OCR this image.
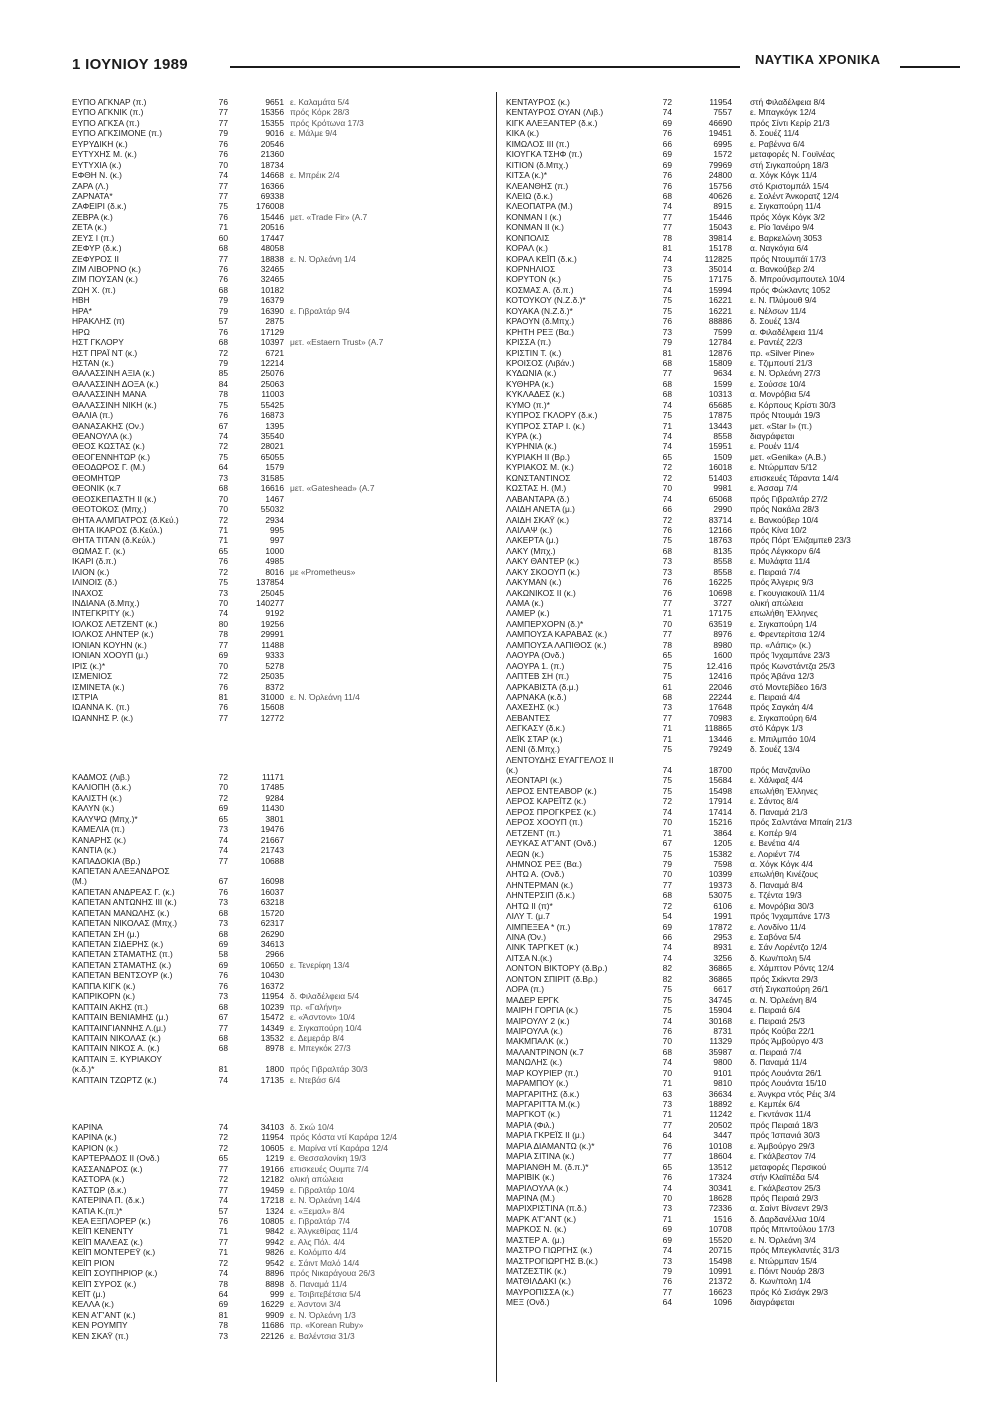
1 ΙΟΥΝΙΟΥ 1989	ΝΑΥΤΙΚΑ ΧΡΟΝΙΚΑ
ΕΥΠΟ ΑΓΚΝΑΡ (π.)	76	9651 ε. Καλαμάτα 5/4
ΕΥΠΟ ΑΓΚΝΙΚ (π.)	77	15356 πρός Κόρκ 28/3
ΕΥΠΟ ΑΓΚΣΑ (π.)	77	15355 πρός Κρότωνα 17/3
ΕΥΠΟ ΑΓΚΣΙΜΟΝΕ (π.)	79	9016 ε. Μάλμε 9/4
ΕΥΡΥΔΙΚΗ (κ.)	76	20546
ΕΥΤΥΧΗΣ Μ. (κ.)	76	21360
ΕΥΤΥΧΙΑ (κ.)	70	18734
ΕΦΘΗ Ν. (κ.)	74	14668 ε. Μπρέικ 2/4
ΖΑΡΑ (Λ.)	77	16366
ΖΑΡΝΑΤΑ*	77	69338
ΖΑΦΕΙΡΙ (δ.κ.)	75	176008
ΖΕΒΡΑ (κ.)	76	15446 μετ. «Trade Fir» (Α.7
ΖΕΤΑ (κ.)	71	20516
ΖΕΥΣ Ι (π.)	60	17447
ΖΕΦΥΡ (δ.κ.)	68	48058
ΖΕΦΥΡΟΣ ΙΙ	77	18838 ε. Ν. Όρλεάνη 1/4
ΖΙΜ ΛΙΒΟΡΝΟ (κ.)	76	32465
ΖΙΜ ΠΟΥΣΑΝ (κ.)	76	32465
ΖΩΗ Χ. (π.)	68	10182
ΗΒΗ	79	16379
ΗΡΑ*	79	16390 ε. Γιβραλτάρ 9/4
ΗΡΑΚΛΗΣ (π)	57	2875
ΗΡΩ	76	17129
ΗΣΤ ΓΚΛΟΡΥ	68	10397 μετ. «Estaern Trust» (Α.7
ΗΣΤ ΠΡΑΪ ΝΤ (κ.)	72	6721
ΗΣΤΑΝ (κ.)	79	12214
ΘΑΛΑΣΣΙΝΗ ΑΞΙΑ (κ.)	85	25076
ΘΑΛΑΣΣΙΝΗ ΔΟΞΑ (κ.)	84	25063
ΘΑΛΑΣΣΙΝΗ ΜΑΝΑ	78	11003
ΘΑΛΑΣΣΙΝΗ ΝΙΚΗ (κ.)	75	55425
ΘΑΛΙΑ (π.)	76	16873
ΘΑΝΑΣΑΚΗΣ (Ον.)	67	1395
ΘΕΑΝΟΥΛΑ (κ.)	74	35540
ΘΕΟΣ ΚΩΣΤΑΣ (κ.)	72	28021
ΘΕΟΓΕΝΝΗΤΩΡ (κ.)	75	65055
ΘΕΟΔΩΡΟΣ Γ. (Μ.)	64	1579
ΘΕΟΜΗΤΩΡ	73	31585
ΘΕΟΝΙΚ (κ.7	68	16616 μετ. «Gateshead» (Α.7
ΘΕΟΣΚΕΠΑΣΤΗ ΙΙ (κ.)	70	1467
ΘΕΟΤΟΚΟΣ (Μπχ.)	70	55032
ΘΗΤΑ ΑΛΜΠΑΤΡΟΣ (δ.Κεύ.)	72	2934
ΘΗΤΑ ΙΚΑΡΟΣ (δ.Κεύλ.)	71	995
ΘΗΤΑ ΤΙΤΑΝ (δ.Κεύλ.)	71	997
ΘΩΜΑΣ Γ. (κ.)	65	1000
ΙΚΑΡΙ (δ.π.)	76	4985
ΙΛΙΟΝ (κ.)	72	8016 με «Prometheus»
ΙΛΙΝΟΙΣ (δ.)	75	137854
ΙΝΑΧΟΣ	73	25045
ΙΝΔΙΑΝΑ (δ.Μπχ.)	70	140277
ΙΝΤΕΓΚΡΙΤΥ (κ.)	74	9192
ΙΟΛΚΟΣ ΛΕΤΖΕΝΤ (κ.)	80	19256
ΙΟΛΚΟΣ ΛΗΝΤΕΡ (κ.)	78	29991
ΙΟΝΙΑΝ ΚΟΥΗΝ (κ.)	77	11488
ΙΟΝΙΑΝ ΧΟΟΥΠ (μ.)	69	9333
ΙΡΙΣ (κ.)*	70	5278
ΙΣΜΕΝΙΟΣ	72	25035
ΙΣΜΙΝΕΤΑ (κ.)	76	8372
ΙΣΤΡΙΑ	81	31000 ε. Ν. Όρλεάνη 11/4
ΙΩΑΝΝΑ Κ. (π.)	76	15608
ΙΩΑΝΝΗΣ Ρ. (κ.)	77	12772
ΚΑΔΜΟΣ (Λιβ.)	72	11171
ΚΑΛΙΟΠΗ (δ.κ.)	70	17485
ΚΑΛΙΣΤΗ (κ.)	72	9284
ΚΑΛΥΝ (κ.)	69	11430
ΚΑΛΥΨΩ (Μπχ.)*	65	3801
ΚΑΜΕΛΙΑ (π.)	73	19476
ΚΑΝΑΡΗΣ (κ.)	74	21667
ΚΑΝΤΙΑ (κ.)	74	21743
ΚΑΠΑΔΟΚΙΑ (Βρ.)	77	10688
ΚΑΠΕΤΑΝ ΑΛΕΞΑΝΔΡΟΣ
(Μ.)	67	16098
ΚΑΠΕΤΑΝ ΑΝΔΡΕΑΣ Γ. (κ.)	76	16037
ΚΑΠΕΤΑΝ ΑΝΤΩΝΗΣ ΙΙΙ (κ.)	73	63218
ΚΑΠΕΤΑΝ ΜΑΝΩΛΗΣ (κ.)	68	15720
ΚΑΠΕΤΑΝ ΝΙΚΟΛΑΣ (Μπχ.)	73	62317
ΚΑΠΕΤΑΝ ΣΗ (μ.)	68	26290
ΚΑΠΕΤΑΝ ΣΙΔΕΡΗΣ (κ.)	69	34613
ΚΑΠΕΤΑΝ ΣΤΑΜΑΤΗΣ (π.)	58	2966
ΚΑΠΕΤΑΝ ΣΤΑΜΑΤΗΣ (κ.)	69	10650 ε. Τενερίφη 13/4
ΚΑΠΕΤΑΝ ΒΕΝΤΣΟΥΡ (κ.)	76	10430
ΚΑΠΠΑ ΚΙΓΚ (κ.)	76	16372
ΚΑΠΡΙΚΟΡΝ (κ.)	73	11954 δ. Φιλαδέλφεια 5/4
ΚΑΠΤΑΙΝ ΑΚΗΣ (π.)	68	10239 πρ. «Γαλήνη»
ΚΑΠΤΑΙΝ ΒΕΝΙΑΜΗΣ (μ.)	67	15472 ε. «Άσντονι» 10/4
ΚΑΠΤΑΙΝΓΙΑΝΝΗΣ Λ.(μ.)	77	14349 ε. Σιγκαπούρη 10/4
ΚΑΠΤΑΙΝ ΝΙΚΟΛΑΣ (κ.)	68	13532 ε. Δεμεράρ 8/4
ΚΑΠΤΑΙΝ ΝΙΚΟΣ Α. (κ.)	68	8978 ε. Μπεγκόκ 27/3
ΚΑΠΤΑΙΝ Ξ. ΚΥΡΙΑΚΟΥ
(κ.δ.)*	81	1800 πρός Γιβραλτάρ 30/3
ΚΑΠΤΑΙΝ ΤΖΩΡΤΖ (κ.)	74	17135 ε. Ντεβάσ 6/4
ΚΑΡΙΝΑ	74	34103 δ. Σκώ 10/4
ΚΑΡΙΝΑ (κ.)	72	11954 πρός Κόστα ντί Καράρα 12/4
ΚΑΡΙΟΝ (κ.)	72	10605 ε. Μαρίνα ντί Καράρα 12/4
ΚΑΡΤΕΡΑΔΟΣ ΙΙ (Ονδ.)	65	1219 ε. Θεσσαλονίκη 19/3
ΚΑΣΣΑΝΔΡΟΣ (κ.)	77	19166 επισκευές Ουμπε 7/4
ΚΑΣΤΟΡΑ (κ.)	72	12182 ολική απώλεια
ΚΑΣΤΩΡ (δ.κ.)	77	19459 ε. Γιβραλτάρ 10/4
ΚΑΤΕΡΙΝΑ Π. (δ.κ.)	74	17218 ε. Ν. Όρλεάνη 14/4
ΚΑΤΙΑ Κ.(π.)*	57	1324 ε. «Ξεμαλ» 8/4
ΚΕΑ ΕΞΠΛΟΡΕΡ (κ.)	76	10805 ε. Γιβραλτάρ 7/4
ΚΕΪΠ ΚΕΝΕΝΤΥ	71	9842 ε. Άλγκεθίρας 11/4
ΚΕΪΠ ΜΑΛΕΑΣ (κ.)	77	9942 ε. Αλς Πόλ. 4/4
ΚΕΪΠ ΜΟΝΤΕΡΕΫ (κ.)	71	9826 ε. Κολόμπο 4/4
ΚΕΪΠ ΡΙΟΝ	72	9542 ε. Σάιντ Μαλό 14/4
ΚΕΪΠ ΣΟΥΠΗΡΙΟΡ (κ.)	74	8896 πρός Νικαράγουα 26/3
ΚΕΪΠ ΣΥΡΟΣ (κ.)	78	8898 δ. Παναμά 11/4
ΚΕΪΤ (μ.)	64	999 ε. Τσιβιτεβέτσια 5/4
ΚΕΛΛΑ (κ.)	69	16229 ε. Άσντονι 3/4
ΚΕΝ Α'Γ'ΑΝΤ (κ.)	81	9909 ε. Ν. Όρλεάνη 1/3
ΚΕΝ ΡΟΥΜΠΥ	78	11686 πρ. «Korean Ruby»
ΚΕΝ ΣΚΑΫ (π.)	73	22126 ε. Βαλέντσια 31/3
ΚΕΝΤΑΥΡΟΣ (κ.)	72	11954	στή Φιλαδέλφεια 8/4
ΚΕΝΤΑΥΡΟΣ ΟΥΑΝ (Λιβ.)	74	7557	ε. Μπαγκόγκ 12/4
ΚΙΓΚ ΑΛΕΞΑΝΤΕΡ (δ.κ.)	69	46690	πρός Σίντι Κερίρ 21/3
ΚΙΚΑ (κ.)	76	19451	δ. Σουέζ 11/4
ΚΙΜΩΛΟΣ ΙΙΙ (π.)	66	6995	ε. Ραβέννα 6/4
ΚΙΟΥΓΚΑ ΤΣΗΦ (π.)	69	1572	μεταφορές Ν. Γουϊνέας
ΚΙΤΙΟΝ (δ.Μπχ.)	69	79969	στή Σιγκαπούρη 18/3
ΚΙΤΣΑ (κ.)*	76	24800	α. Χόγκ Κόγκ 11/4
ΚΛΕΑΝΘΗΣ (π.)	76	15756	στό Κριστομπάλ 15/4
ΚΛΕΙΩ (δ.κ.)	68	40626	ε. Σολέντ Άνκορατζ 12/4
ΚΛΕΟΠΑΤΡΑ (Μ.)	74	8915	ε. Σιγκαπούρη 11/4
ΚΟΝΜΑΝ Ι (κ.)	77	15446	πρός Χόγκ Κόγκ 3/2
ΚΟΝΜΑΝ ΙΙ (κ.)	77	15043	ε. Ρίο Ίανέιρο 9/4
ΚΟΝΠΟΛΙΣ	78	39814	ε. Βαρκελώνη 3053
ΚΟΡΑΛ (κ.)	81	15178	α. Ναγκόγια 6/4
ΚΟΡΑΛ ΚΕΪΠ (δ.κ.)	74	112825	πρός Ντουμπάϊ 17/3
ΚΟΡΝΗΛΙΟΣ	73	35014	α. Βανκούβερ 2/4
ΚΟΡΥΤΟΝ (κ.)	75	17175	δ. Μπρούνσμπουτελ 10/4
ΚΟΣΜΑΣ Α. (δ.π.)	74	15994	πρός Φώκλαντς 1052
ΚΟΤΟΥΚΟΥ (Ν.Ζ.δ.)*	75	16221	ε. Ν. Πλύμουθ 9/4
ΚΟΥΑΚΑ (Ν.Ζ.δ.)*	75	16221	ε. Νέλσων 11/4
ΚΡΑΟΥΝ (δ.Μπχ.)	76	88886	δ. Σουέζ 13/4
ΚΡΗΤΗ ΡΕΞ (Βα.)	73	7599	α. Φιλαδέλφεια 11/4
ΚΡΙΣΣΑ (π.)	79	12784	ε. Ραντέζ 22/3
ΚΡΙΣΤΙΝ Τ. (κ.)	81	12876	πρ. «Silver Pine»
ΚΡΟΙΣΟΣ (Λιβάν.)	68	15809	ε. Τζιμπουτί 21/3
ΚΥΔΩΝΙΑ (κ.)	77	9634	ε. Ν. Όρλεάνη 27/3
ΚΥΘΗΡΑ (κ.)	68	1599	ε. Σούσσε 10/4
ΚΥΚΛΑΔΕΣ (κ.)	68	10313	α. Μονρόβια 5/4
ΚΥΜΟ (π.)*	74	65685	ε. Κόρπους Κρίστι 30/3
ΚΥΠΡΟΣ ΓΚΛΟΡΥ (δ.κ.)	75	17875	πρός Ντουμάι 19/3
ΚΥΠΡΟΣ ΣΤΑΡ Ι. (κ.)	71	13443	μετ. «Star I» (π.)
ΚΥΡΑ (κ.)	74	8558	διαγράφεται
ΚΥΡΗΝΙΑ (κ.)	74	15951	ε. Ρουέν 11/4
ΚΥΡΙΑΚΗ ΙΙ (Βρ.)	65	1509	μετ. «Genika» (Α.Β.)
ΚΥΡΙΑΚΟΣ Μ. (κ.)	72	16018	ε. Ντώρμπαν 5/12
ΚΩΝΣΤΑΝΤΙΝΟΣ	72	51403	επισκευές Τάραντα 14/4
ΚΩΣΤΑΣ Η. (Μ.)	70	9981	ε. Άσσαμ 7/4
ΛΑΒΑΝΤΑΡΑ (δ.)	74	65068	πρός Γιβραλτάρ 27/2
ΛΑΙΔΗ ΑΝΕΤΑ (μ.)	66	2990	πρός Νακάλα 28/3
ΛΑΙΔΗ ΣΚΑΫ (κ.)	72	83714	ε. Βανκούβερ 10/4
ΛΑΙΛΑΨ (κ.)	76	12166	πρός Κίνα 10/2
ΛΑΚΕΡΤΑ (μ.)	75	18763	πρός Πόρτ Έλιζαμπεθ 23/3
ΛΑΚΥ (Μπχ.)	68	8135	πρός Λέγκκορν 6/4
ΛΑΚΥ ΘΑΝΤΕΡ (κ.)	73	8558	ε. Μυλάφτα 11/4
ΛΑΚΥ ΣΚΟΟΥΠ (κ.)	73	8558	ε. Πειραιά 7/4
ΛΑΚΥΜΑΝ (κ.)	76	16225	πρός Άλγερις 9/3
ΛΑΚΩΝΙΚΟΣ ΙΙ (κ.)	76	10698	ε. Γκουγιακουϊλ 11/4
ΛΑΜΑ (κ.)	77	3727	ολική απώλεια
ΛΑΜΕΡ (κ.)	71	17175	επωλήθη Έλληνες
ΛΑΜΠΕΡΧΟΡΝ (δ.)*	70	63519	ε. Σιγκαπούρη 1/4
ΛΑΜΠΟΥΣΑ ΚΑΡΑΒΑΣ (κ.)	77	8976	ε. Φρεντερίτσια 12/4
ΛΑΜΠΟΥΣΑ ΛΑΠΙΘΟΣ (κ.)	78	8980	πρ. «Λάπις» (κ.)
ΛΑΟΥΡΑ (Ονδ.)	65	1600	πρός Ίνχαμπάνε 23/3
ΛΑΟΥΡΑ 1. (π.)	75	12.416	πρός Κωνστάντζα 25/3
ΛΑΠΤΕΒ ΣΗ (π.)	75	12416	πρός Άβάνα 12/3
ΛΑΡΚΑΒΙΣΤΑ (δ.μ.)	61	22046	στό Μοντεβίδεο 16/3
ΛΑΡΝΑΚΑ (κ.δ.)	68	22244	ε. Πειραιά 4/4
ΛΑΧΕΣΗΣ (κ.)	73	17648	πρός Σαγκάη 4/4
ΛΕΒΑΝΤΕΣ	77	70983	ε. Σιγκαπούρη 6/4
ΛΕΓΚΑΣΥ (δ.κ.)	71	118865	στό Κάργκ 1/3
ΛΕΪΚ ΣΤΑΡ (κ.)	71	13446	ε. Μπιλμπάο 10/4
ΛΕΝΙ (δ.Μπχ.)	75	79249	δ. Σουέζ 13/4
ΛΕΝΤΟΥΔΗΣ ΕΥΑΓΓΕΛΟΣ ΙΙ
(κ.)	74	18700	πρός Μανζανίλο
ΛΕΟΝΤΑΡΙ (κ.)	75	15684	ε. Χάλιφαξ 4/4
ΛΕΡΟΣ ΕΝΤΕΑΒΟΡ (κ.)	75	15498	επωλήθη Έλληνες
ΛΕΡΟΣ ΚΑΡΕΪΤΖ (κ.)	72	17914	ε. Σάντος 8/4
ΛΕΡΟΣ ΠΡΟΓΚΡΕΣ (κ.)	74	17414	δ. Παναμά 21/3
ΛΕΡΟΣ ΧΟΟΥΠ (π.)	70	15216	πρός Σαλντάνα Μπαίη 21/3
ΛΕΤΖΕΝΤ (π.)	71	3864	ε. Κοπέρ 9/4
ΛΕΥΚΑΣ Α'Γ'ΑΝΤ (Ονδ.)	67	1205	ε. Βενέτια 4/4
ΛΕΩΝ (κ.)	75	15382	ε. Λοριέντ 7/4
ΛΗΜΝΟΣ ΡΕΞ (Βα.)	79	7598	α. Χόγκ Κόγκ 4/4
ΛΗΤΩ Α. (Ονδ.)	70	10399	επωλήθη Κινέζους
ΛΗΝΤΕΡΜΑΝ (κ.)	77	19373	δ. Παναμά 8/4
ΛΗΝΤΕΡΣΙΠ (δ.κ.)	68	53075	ε. Τζέντα 19/3
ΛΗΤΩ ΙΙ (π)*	72	6106	ε. Μονρόβια 30/3
ΛΙΛΥ Τ. (μ.7	54	1991	πρός Ίνχαμπάνε 17/3
ΛΙΜΠΕΞΕΑ * (π.)	69	17872	ε. Λονδίνο 11/4
ΛΙΝΑ (Όν.)	66	2953	ε. Σαβόνα 5/4
ΛΙΝΚ ΤΑΡΓΚΕΤ (κ.)	74	8931	ε. Σάν Λορέντζο 12/4
ΛΙΤΣΑ Ν.(κ.)	74	3256	δ. Κων/πολη 5/4
ΛΟΝΤΟΝ ΒΙΚΤΟΡΥ (δ.Βρ.)	82	36865	ε. Χάμπτον Ρόντς 12/4
ΛΟΝΤΟΝ ΣΠΙΡΙΤ (δ.Βρ.)	82	36865	πρός Σκίκντα 29/3
ΛΟΡΑ (π.)	75	6617	στή Σιγκαπούρη 26/1
ΜΑΔΕΡ ΕΡΓΚ	75	34745	α. Ν. Όρλεάνη 8/4
ΜΑΙΡΗ ΓΟΡΓΙΑ (κ.)	75	15904	ε. Πειραιά 6/4
ΜΑΙΡΟΥΛΥ 2 (κ.)	74	30168	ε. Πειραιά 25/3
ΜΑΙΡΟΥΛΑ (κ.)	76	8731	πρός Κούβα 22/1
ΜΑΚΜΠΑΛΚ (κ.)	70	11329	πρός Άμβούργο 4/3
ΜΑΛΑΝΤΡΙΝΟΝ (κ.7	68	35987	α. Πειραιά 7/4
ΜΑΝΩΛΗΣ (κ.)	74	9800	δ. Παναμά 11/4
ΜΑΡ ΚΟΥΡΙΕΡ (π.)	70	9101	πρός Λουάντα 26/1
ΜΑΡΑΜΠΟΥ (κ.)	71	9810	πρός Λουάντα 15/10
ΜΑΡΓΑΡΙΤΗΣ (δ.κ.)	63	36634	ε. Άνγκρα ντός Ρέις 3/4
ΜΑΡΓΑΡΙΤΤΑ Μ.(κ.)	73	18892	ε. Κεμπέκ 6/4
ΜΑΡΓΚΟΤ (κ.)	71	11242	ε. Γκντάνσκ 11/4
ΜΑΡΙΑ (Φιλ.)	77	20502	πρός Πειραιά 18/3
ΜΑΡΙΑ ΓΚΡΕΪΣ ΙΙ (μ.)	64	3447	πρός Ίσπανιά 30/3
ΜΑΡΙΑ ΔΙΑΜΑΝΤΩ (κ.)*	76	10108	ε. Άμβούργο 29/3
ΜΑΡΙΑ ΣΙΤΙΝΑ (κ.)	77	18604	ε. Γκάλβεστον 7/4
ΜΑΡΙΑΝΘΗ Μ. (δ.π.)*	65	13512	μεταφορές Περσικού
ΜΑΡΙΒΙΚ (κ.)	76	17324	στήν Κλαϊπέδα 5/4
ΜΑΡΙΛΟΥΛΑ (κ.)	74	30341	ε. Γκάλβεστον 25/3
ΜΑΡΙΝΑ (Μ.)	70	18628	πρός Πειραιά 29/3
ΜΑΡΙΧΡΙΣΤΙΝΑ (π.δ.)	73	72336	α. Σαίντ Βίνσεντ 29/3
ΜΑΡΚ Α'Γ'ΑΝΤ (κ.)	71	1516	δ. Δαρδανέλλια 10/4
ΜΑΡΚΟΣ Ν. (κ.)	69	10708	πρός Μπιντούλου 17/3
ΜΑΣΤΕΡ Α. (μ.)	69	15520	ε. Ν. Όρλεάνη 3/4
ΜΑΣΤΡΟ ΓΙΩΡΓΗΣ (κ.)	74	20715	πρός Μπεγκλαντές 31/3
ΜΑΣΤΡΟΓΙΩΡΓΗΣ Β.(κ.)	73	15498	ε. Ντώρμπαν 15/4
ΜΑΤΖΕΣΤΙΚ (κ.)	79	10991	ε. Πόιντ Νουάρ 28/3
ΜΑΤΘΙΛΔΑΚΙ (κ.)	76	21372	δ. Κων/πολη 1/4
ΜΑΥΡΟΠΙΣΣΑ (κ.)	77	16623	πρός Κό Σισάγκ 29/3
ΜΕΞ (Ονδ.)	64	1096	διαγράφεται
